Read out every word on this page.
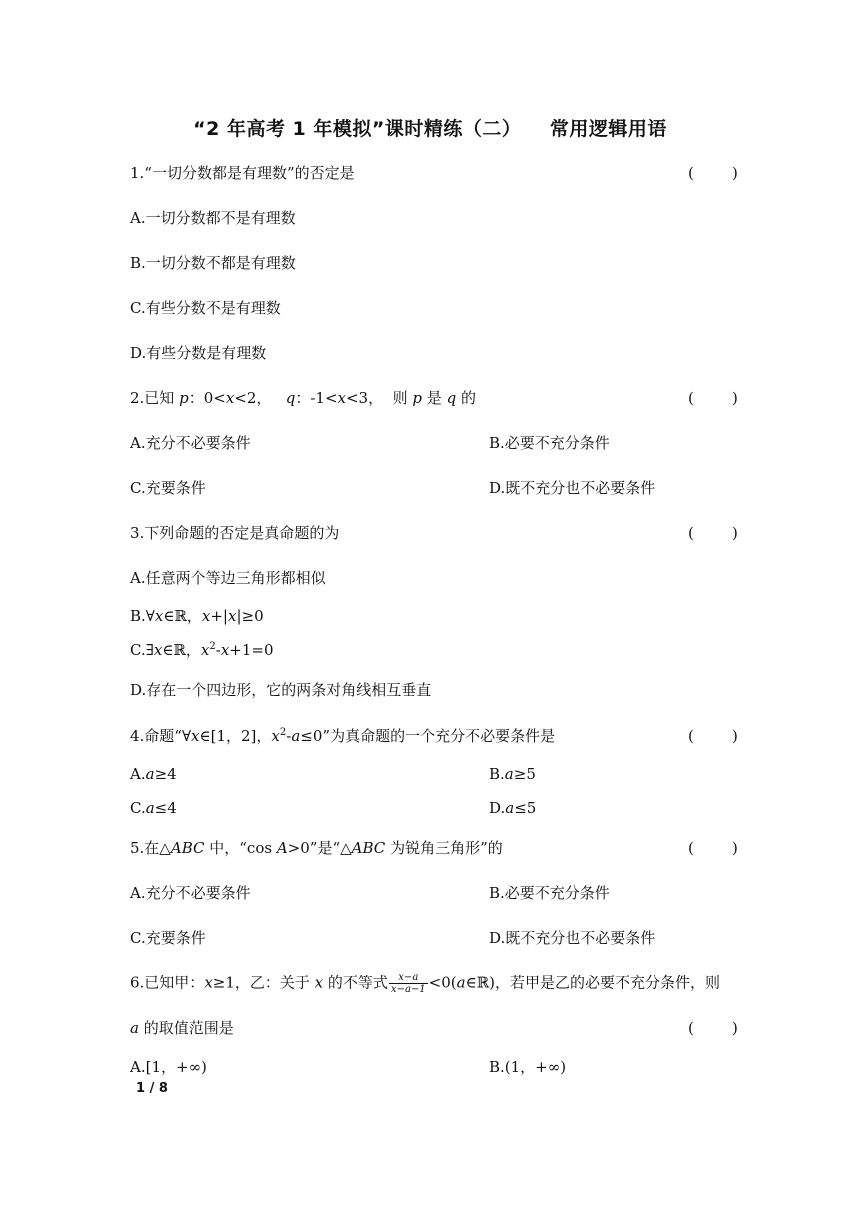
“2 年高考 1 年模拟”课时精练（二）    常用逻辑用语
1.“一切分数都是有理数”的否定是	(        )
A.一切分数都不是有理数
B.一切分数不都是有理数
C.有些分数不是有理数
D.有些分数是有理数
2.已知 p：0<x<2，   q：-1<x<3，  则 p 是 q 的	(        )
A.充分不必要条件	B.必要不充分条件
C.充要条件	D.既不充分也不必要条件
3.下列命题的否定是真命题的为	(        )
A.任意两个等边三角形都相似
B.∀x∈ℝ，x+|x|≥0
C.∃x∈ℝ，$x^2-x+1=0$
D.存在一个四边形，它的两条对角线相互垂直
4.命题“∀x∈[1，2]，$x^2-a\le 0$”为真命题的一个充分不必要条件是	(        )
A.a≥4	B.a≥5
C.a≤4	D.a≤5
5.在△ABC 中，“cos A>0”是“△ABC 为锐角三角形”的	(        )
A.充分不必要条件	B.必要不充分条件
C.充要条件	D.既不充分也不必要条件
6.已知甲：x≥1，乙：关于 x 的不等式 $\frac{x-a}{x-a-1}$ <0(a∈ℝ)，若甲是乙的必要不充分条件，则
a 的取值范围是	(        )
A.[1，+∞)	B.(1，+∞)
1 / 8
